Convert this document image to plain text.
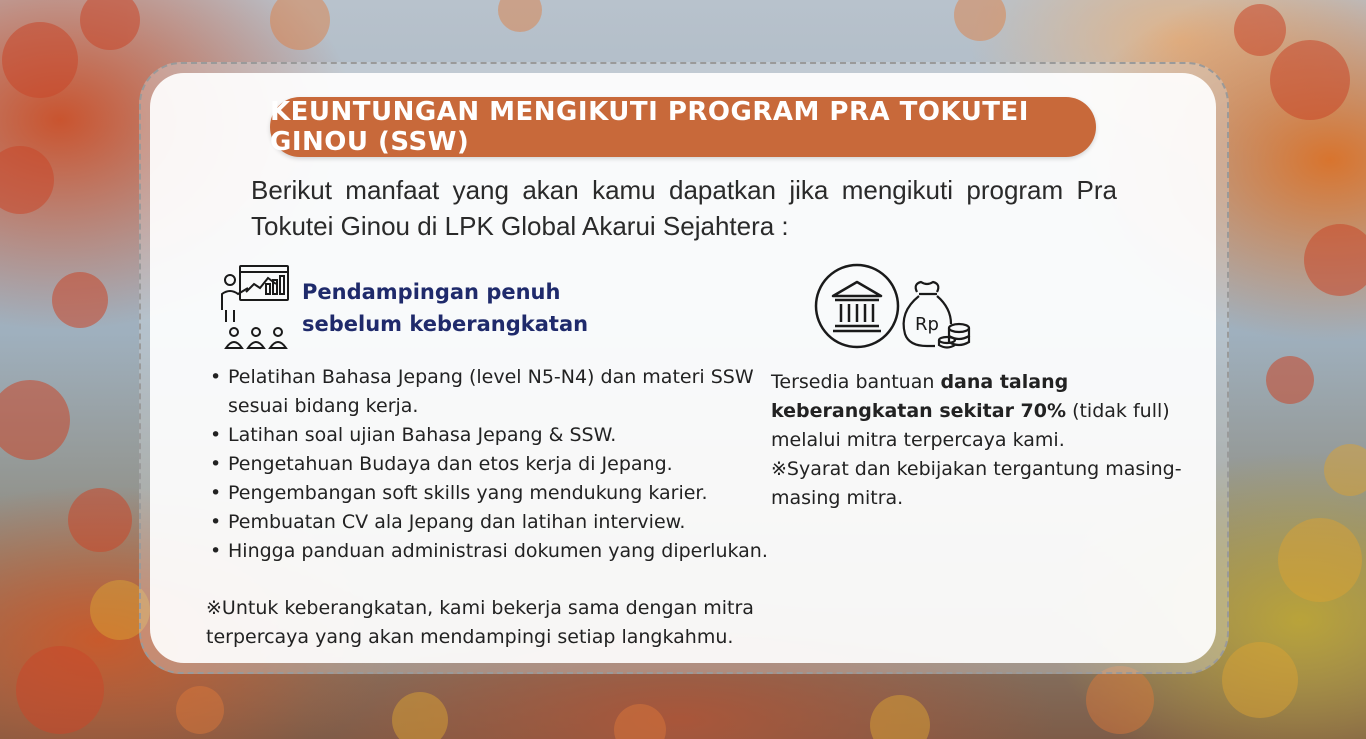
KEUNTUNGAN MENGIKUTI PROGRAM PRA TOKUTEI GINOU (SSW)
Berikut manfaat yang akan kamu dapatkan jika mengikuti program Pra Tokutei Ginou di LPK Global Akarui Sejahtera :
Pendampingan penuh
sebelum keberangkatan
• Pelatihan Bahasa Jepang (level N5-N4) dan materi SSW sesuai bidang kerja.
• Latihan soal ujian Bahasa Jepang & SSW.
• Pengetahuan Budaya dan etos kerja di Jepang.
• Pengembangan soft skills yang mendukung karier.
• Pembuatan CV ala Jepang dan latihan interview.
• Hingga panduan administrasi dokumen yang diperlukan.
※Untuk keberangkatan, kami bekerja sama dengan mitra terpercaya yang akan mendampingi setiap langkahmu.
Rp
Tersedia bantuan dana talang keberangkatan sekitar 70% (tidak full) melalui mitra terpercaya kami.
※Syarat dan kebijakan tergantung masing-masing mitra.
